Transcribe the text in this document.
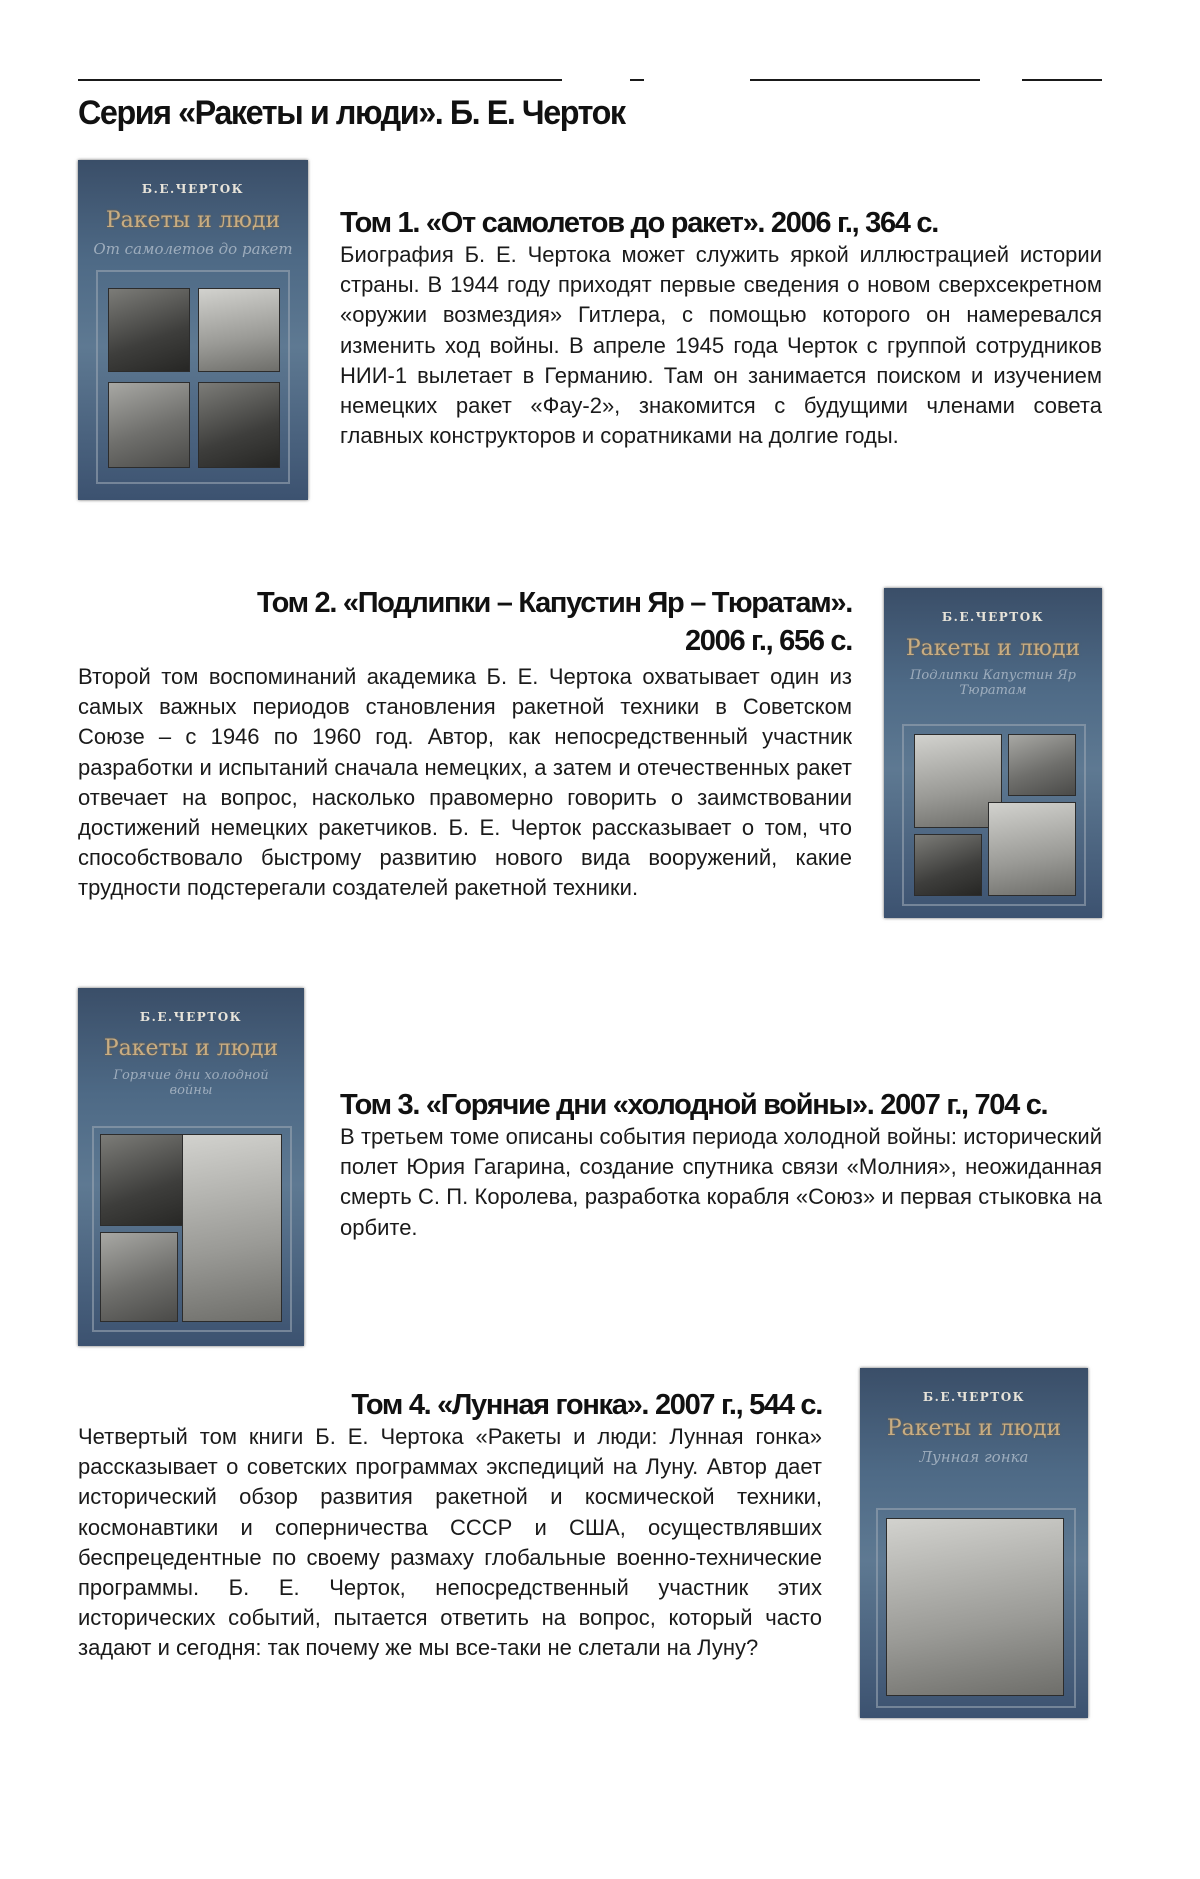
Серия «Ракеты и люди». Б. Е. Черток
Б.Е.ЧЕРТОК
Ракеты и люди
От самолетов до ракет
Том 1. «От самолетов до ракет». 2006 г., 364 с.

Биография Б. Е. Чертока может служить яркой иллюстрацией истории страны. В 1944 году приходят первые сведения о новом сверхсекретном «оружии возмездия» Гитлера, с помощью которого он намеревался изменить ход войны. В апреле 1945 года Черток с группой сотрудников НИИ-1 вылетает в Германию. Там он занимается поиском и изучением немецких ракет «Фау-2», знакомится с будущими членами совета главных конструкторов и соратниками на долгие годы.

Том 2. «Подлипки – Капустин Яр – Тюратам».
2006 г., 656 с.

Второй том воспоминаний академика Б. Е. Чертока охватывает один из самых важных периодов становления ракетной техники в Советском Союзе – с 1946 по 1960 год. Автор, как непосредственный участник разработки и испытаний сначала немецких, а затем и отечественных ракет отвечает на вопрос, насколько правомерно говорить о заимствовании достижений немецких ракетчиков. Б. Е. Черток рассказывает о том, что способствовало быстрому развитию нового вида вооружений, какие трудности подстерегали создателей ракетной техники.

Б.Е.ЧЕРТОК
Ракеты и люди
Подлипки Капустин Яр Тюратам
Б.Е.ЧЕРТОК
Ракеты и люди
Горячие дни холодной войны	Том 3. «Горячие дни «холодной войны». 2007 г., 704 с.

В третьем томе описаны события периода холодной войны: исторический полет Юрия Гагарина, создание спутника связи «Молния», неожиданная смерть С. П. Королева, разработка корабля «Союз» и первая стыковка на орбите.

Том 4. «Лунная гонка». 2007 г., 544 с.

Четвертый том книги Б. Е. Чертока «Ракеты и люди: Лунная гонка» рассказывает о советских программах экспедиций на Луну. Автор дает исторический обзор развития ракетной и космической техники, космонавтики и соперничества СССР и США, осуществлявших беспрецедентные по своему размаху глобальные военно-технические программы. Б. Е. Черток, непосредственный участник этих исторических событий, пытается ответить на вопрос, который часто задают и сегодня: так почему же мы все-таки не слетали на Луну?

Б.Е.ЧЕРТОК
Ракеты и люди
Лунная гонка
